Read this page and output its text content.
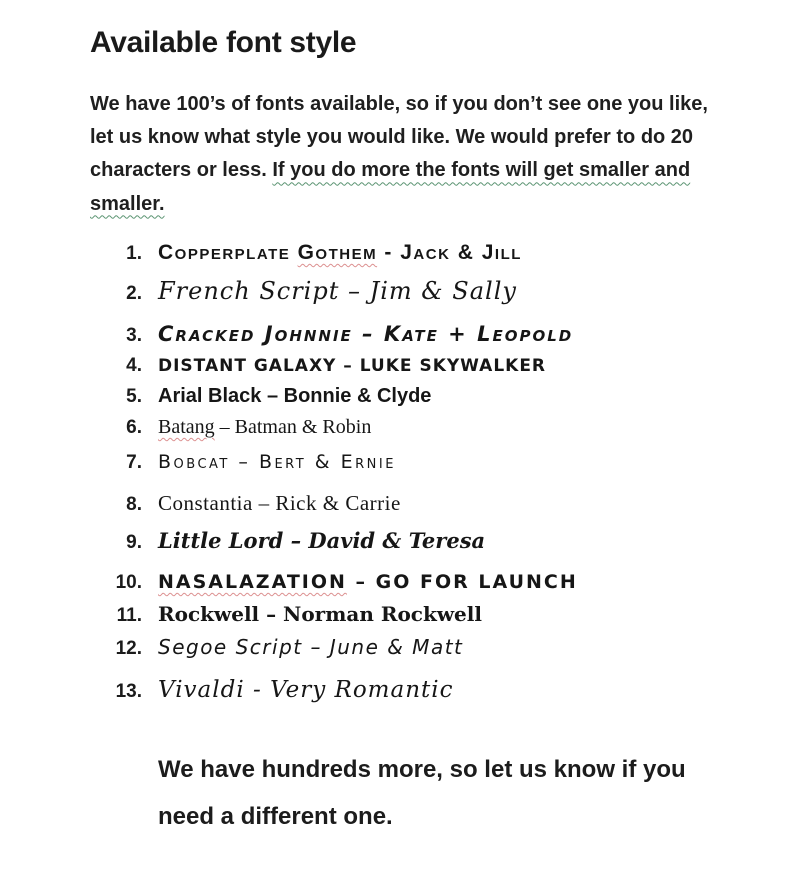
Available font style

We have 100’s of fonts available, so if you don’t see one you like, let us know what style you would like. We would prefer to do 20 characters or less. If you do more the fonts will get smaller and smaller.

1. Copperplate Gothem - Jack & Jill
2. French Script – Jim & Sally
3. Cracked Johnnie – Kate + Leopold
4. DISTANT GALAXY – LUKE SKYWALKER
5. Arial Black – Bonnie & Clyde
6. Batang – Batman & Robin
7. Bobcat – Bert & Ernie
8. Constantia – Rick & Carrie
9. Little Lord – David & Teresa
10. NASALAZATION – GO FOR LAUNCH
11. Rockwell – Norman Rockwell
12. Segoe Script – June & Matt
13. Vivaldi - Very Romantic

We have hundreds more, so let us know if you need a different one.
